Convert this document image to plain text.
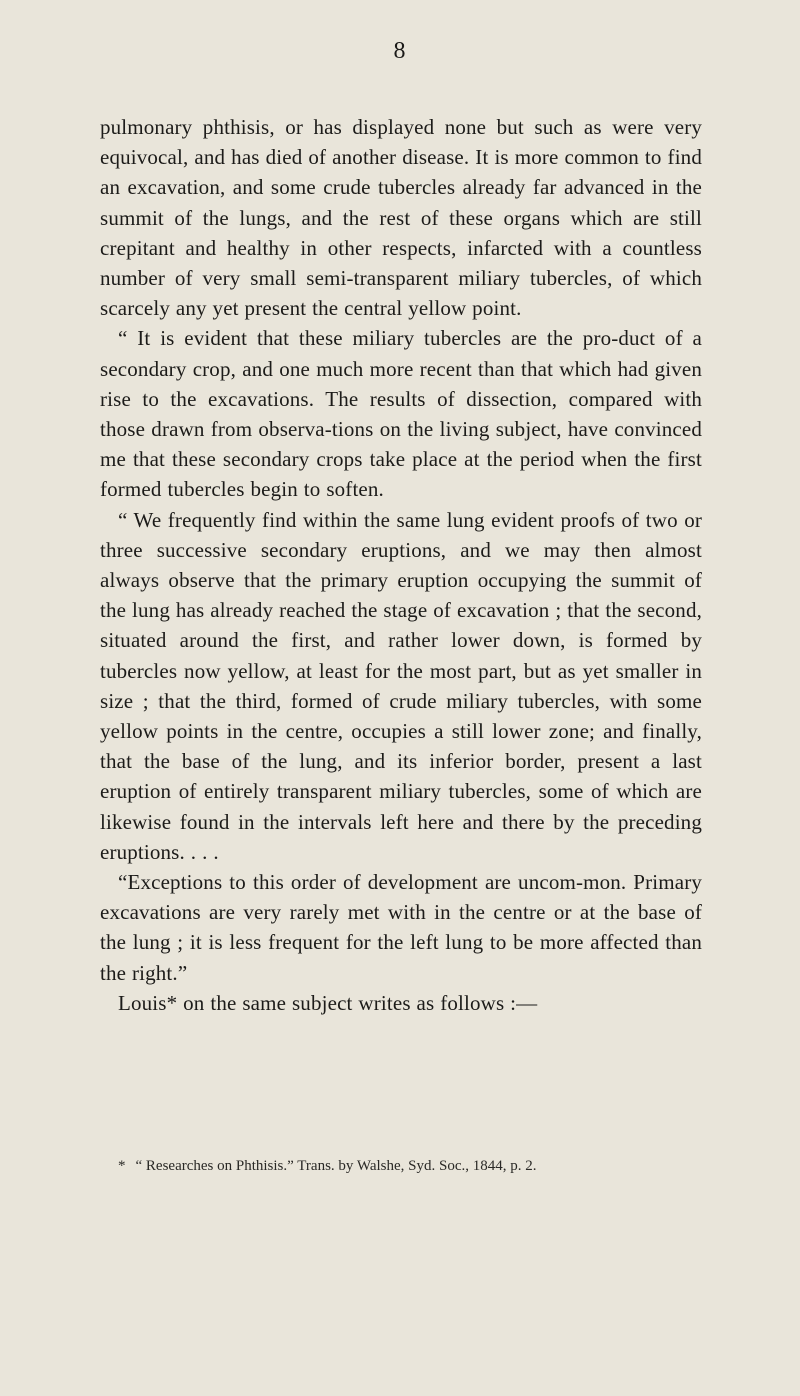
8

pulmonary phthisis, or has displayed none but such as were very equivocal, and has died of another disease. It is more common to find an excavation, and some crude tubercles already far advanced in the summit of the lungs, and the rest of these organs which are still crepitant and healthy in other respects, infarcted with a countless number of very small semi-transparent miliary tubercles, of which scarcely any yet present the central yellow point.

“ It is evident that these miliary tubercles are the pro-duct of a secondary crop, and one much more recent than that which had given rise to the excavations. The results of dissection, compared with those drawn from observa-tions on the living subject, have convinced me that these secondary crops take place at the period when the first formed tubercles begin to soften.

“ We frequently find within the same lung evident proofs of two or three successive secondary eruptions, and we may then almost always observe that the primary eruption occupying the summit of the lung has already reached the stage of excavation ; that the second, situated around the first, and rather lower down, is formed by tubercles now yellow, at least for the most part, but as yet smaller in size ; that the third, formed of crude miliary tubercles, with some yellow points in the centre, occupies a still lower zone; and finally, that the base of the lung, and its inferior border, present a last eruption of entirely transparent miliary tubercles, some of which are likewise found in the intervals left here and there by the preceding eruptions. . . .

“Exceptions to this order of development are uncom-mon. Primary excavations are very rarely met with in the centre or at the base of the lung ; it is less frequent for the left lung to be more affected than the right.”

Louis* on the same subject writes as follows :—

* “ Researches on Phthisis.” Trans. by Walshe, Syd. Soc., 1844, p. 2.
